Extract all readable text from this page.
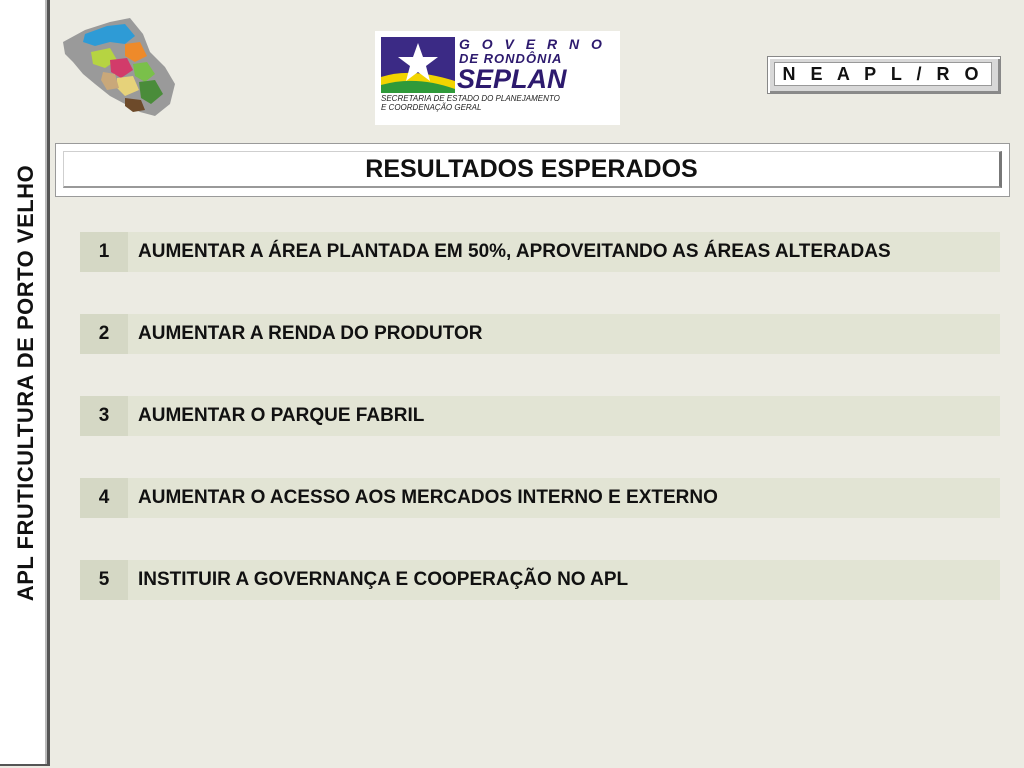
APL FRUTICULTURA DE PORTO VELHO
G O V E R N O
DE RONDÔNIA
SEPLAN
SECRETARIA DE ESTADO DO PLANEJAMENTO
E COORDENAÇÃO GERAL
N E A P L / R O
RESULTADOS ESPERADOS
1	AUMENTAR A ÁREA PLANTADA EM 50%, APROVEITANDO AS ÁREAS ALTERADAS
2	AUMENTAR A RENDA DO PRODUTOR
3	AUMENTAR O PARQUE FABRIL
4	AUMENTAR O ACESSO AOS MERCADOS INTERNO E EXTERNO
5	INSTITUIR A GOVERNANÇA E COOPERAÇÃO NO APL
